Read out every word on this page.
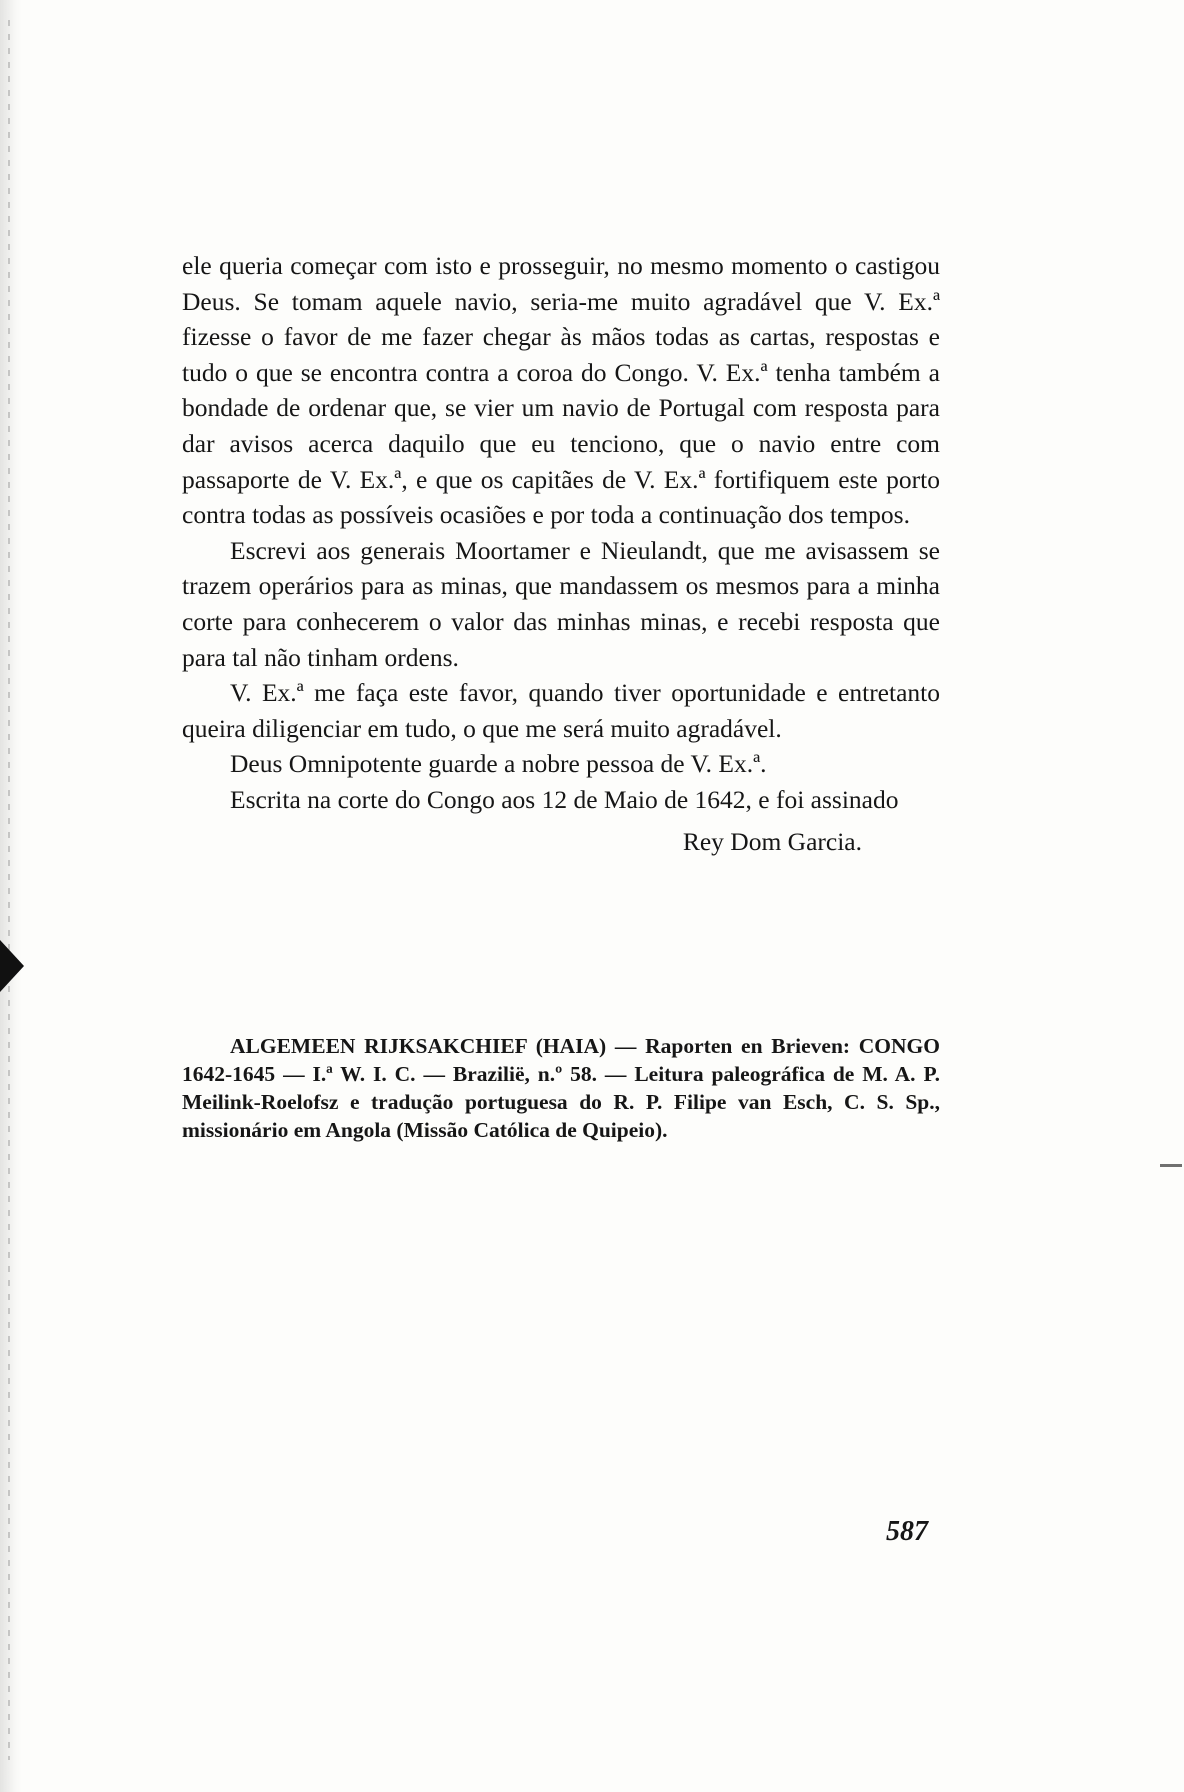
ele queria começar com isto e prosseguir, no mesmo momento o castigou Deus. Se tomam aquele navio, seria-me muito agradável que V. Ex.ª fizesse o favor de me fazer chegar às mãos todas as cartas, respostas e tudo o que se encontra contra a coroa do Congo. V. Ex.ª tenha também a bondade de ordenar que, se vier um navio de Portugal com resposta para dar avisos acerca daquilo que eu tenciono, que o navio entre com passaporte de V. Ex.ª, e que os capitães de V. Ex.ª fortifiquem este porto contra todas as possíveis ocasiões e por toda a continuação dos tempos.

Escrevi aos generais Moortamer e Nieulandt, que me avisassem se trazem operários para as minas, que mandassem os mesmos para a minha corte para conhecerem o valor das minhas minas, e recebi resposta que para tal não tinham ordens.

V. Ex.ª me faça este favor, quando tiver oportunidade e entretanto queira diligenciar em tudo, o que me será muito agradável.

Deus Omnipotente guarde a nobre pessoa de V. Ex.ª.

Escrita na corte do Congo aos 12 de Maio de 1642, e foi assinado

Rey Dom Garcia.

ALGEMEEN RIJKSAKCHIEF (HAIA) — Raporten en Brieven: CONGO 1642-1645 — I.ª W. I. C. — Brazilië, n.º 58. — Leitura paleográfica de M. A. P. Meilink-Roelofsz e tradução portuguesa do R. P. Filipe van Esch, C. S. Sp., missionário em Angola (Missão Católica de Quipeio).

587
